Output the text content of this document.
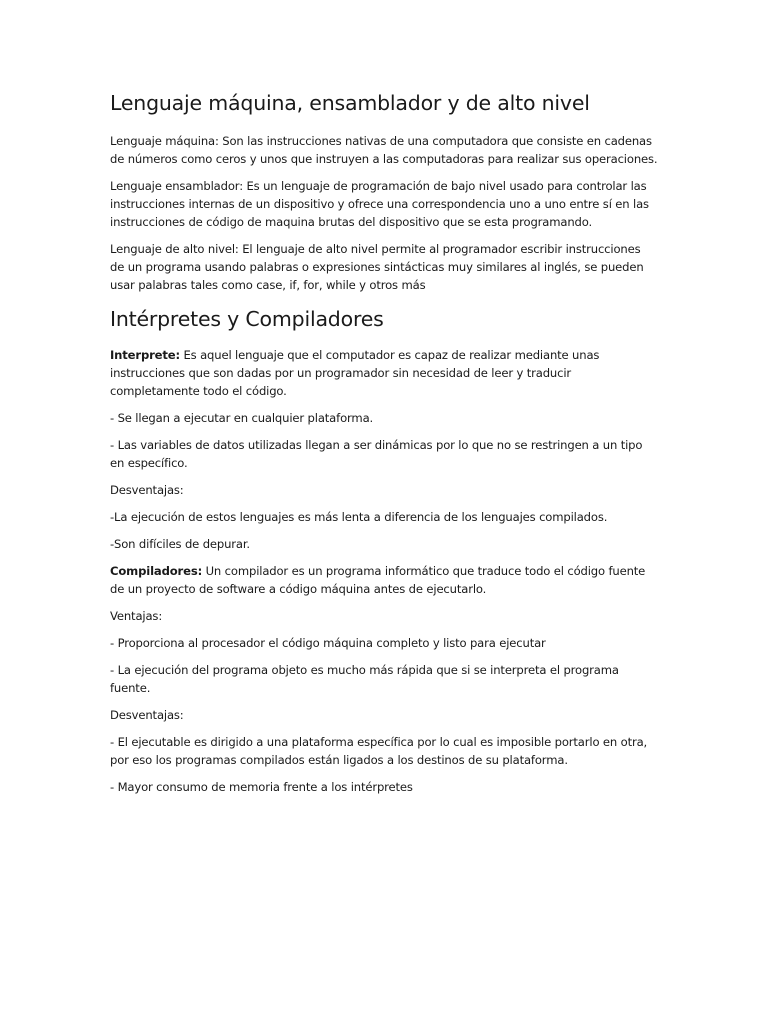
Lenguaje máquina, ensamblador y de alto nivel

Lenguaje máquina: Son las instrucciones nativas de una computadora que consiste en cadenas de números como ceros y unos que instruyen a las computadoras para realizar sus operaciones.

Lenguaje ensamblador: Es un lenguaje de programación de bajo nivel usado para controlar las instrucciones internas de un dispositivo y ofrece una correspondencia uno a uno entre sí en las instrucciones de código de maquina brutas del dispositivo que se esta programando.

Lenguaje de alto nivel: El lenguaje de alto nivel permite al programador escribir instrucciones de un programa usando palabras o expresiones sintácticas muy similares al inglés, se pueden usar palabras tales como case, if, for, while y otros más

Intérpretes y Compiladores

Interprete: Es aquel lenguaje que el computador es capaz de realizar mediante unas instrucciones que son dadas por un programador sin necesidad de leer y traducir completamente todo el código.

- Se llegan a ejecutar en cualquier plataforma.

- Las variables de datos utilizadas llegan a ser dinámicas por lo que no se restringen a un tipo en específico.

Desventajas:

-La ejecución de estos lenguajes es más lenta a diferencia de los lenguajes compilados.

-Son difíciles de depurar.

Compiladores: Un compilador es un programa informático que traduce todo el código fuente de un proyecto de software a código máquina antes de ejecutarlo.

Ventajas:

- Proporciona al procesador el código máquina completo y listo para ejecutar

- La ejecución del programa objeto es mucho más rápida que si se interpreta el programa fuente.

Desventajas:

- El ejecutable es dirigido a una plataforma específica por lo cual es imposible portarlo en otra, por eso los programas compilados están ligados a los destinos de su plataforma.

- Mayor consumo de memoria frente a los intérpretes
